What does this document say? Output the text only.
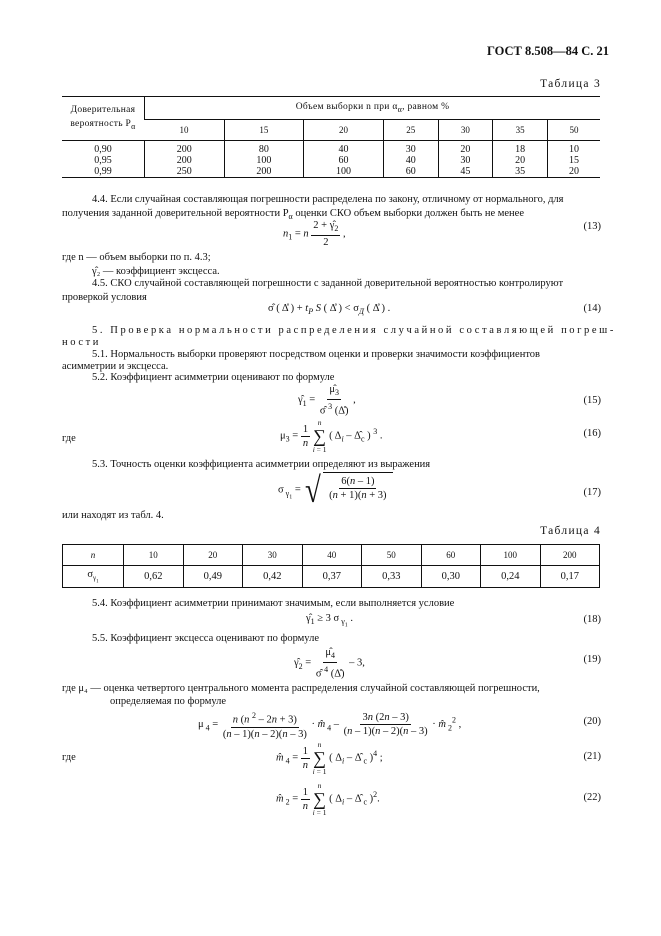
ГОСТ 8.508—84 С. 21
Таблица 3
Доверительная
вероятность $P_\alpha$	Объем выборки n при $\alpha_\alpha$, равном %						
	10	15	20	25	30	35	50
0,90	200	80	40	30	20	18	10
0,95	200	100	60	40	30	20	15
0,99	250	200	100	60	45	35	20
4.4. Если случайная составляющая погрешности распределена по закону, отличному от нормального, для
получения заданной доверительной вероятности $P_\alpha$ оценки СКО объем выборки должен быть не менее
$n_1 = n \frac{2 + \gammâ_2}{2}$ ,
(13)
где n — объем выборки по п. 4.3;
γ̂₂ — коэффициент эксцесса.
4.5. СКО случайной составляющей погрешности с заданной доверительной вероятностью контролируют
проверкой условия
σ̂ ( Δ̊ ) + $t_P$ S ( Δ̊ ) < $\sigma_Д$ ( Δ̊ ) .	(14)
5. Проверка нормальности распределения случайной составляющей погреш-
ности
5.1. Нормальность выборки проверяют посредством оценки и проверки значимости коэффициентов
асимметрии и эксцесса.
5.2. Коэффициент асимметрии оценивают по формуле
$\gammâ_1 = \frac{\mû_3}{\sigmâ ^3 (\Deltå)}$ ,	(15)
где	$\mu_3 = \frac{1}{n}$
n
∑
i = 1
( $\Delta_i$ – $\Deltâ_c$ ) $^3$ .	(16)
5.3. Точность оценки коэффициента асимметрии определяют из выражения
σ $_{\gamma_1}$ = √ $\frac{6(n - 1)}{(n + 1)(n + 3)}$	(17)
или находят из табл. 4.
Таблица 4
n	10	20	30	40	50	60	100	200
$\sigma_{\gamma_1}$	0,62	0,49	0,42	0,37	0,33	0,30	0,24	0,17
5.4. Коэффициент асимметрии принимают значимым, если выполняется условие
$\gammâ_1 \ge 3$ σ $_{\gamma_1}$ .	(18)
5.5. Коэффициент эксцесса оценивают по формуле
$\gammâ_2 = \frac{\mû_4}{\sigmâ ^4 (\Deltå)} - 3$,	(19)
где μ₄ — оценка четвертого центрального момента распределения случайной составляющей погрешности,
определяемая по формуле
μ $_4 = \frac{n (n ^2 - 2n + 3)}{(n - 1)(n - 2)(n - 3)}$ · m̂ $_4 - \frac{3n (2n - 3)}{(n - 1)(n - 2)(n - 3)}$ · m̂ $_2^2$ ,	(20)
где	m̂ $_4 = \frac{1}{n}$
n
∑
i = 1
( $\Delta_i$ – Δ̂ $_c$ )$^4$ ;	(21)
m̂ $_2 = \frac{1}{n}$
n
∑
i = 1
( $\Delta_i$ – Δ̂ $_c$ )$^2$.	(22)
